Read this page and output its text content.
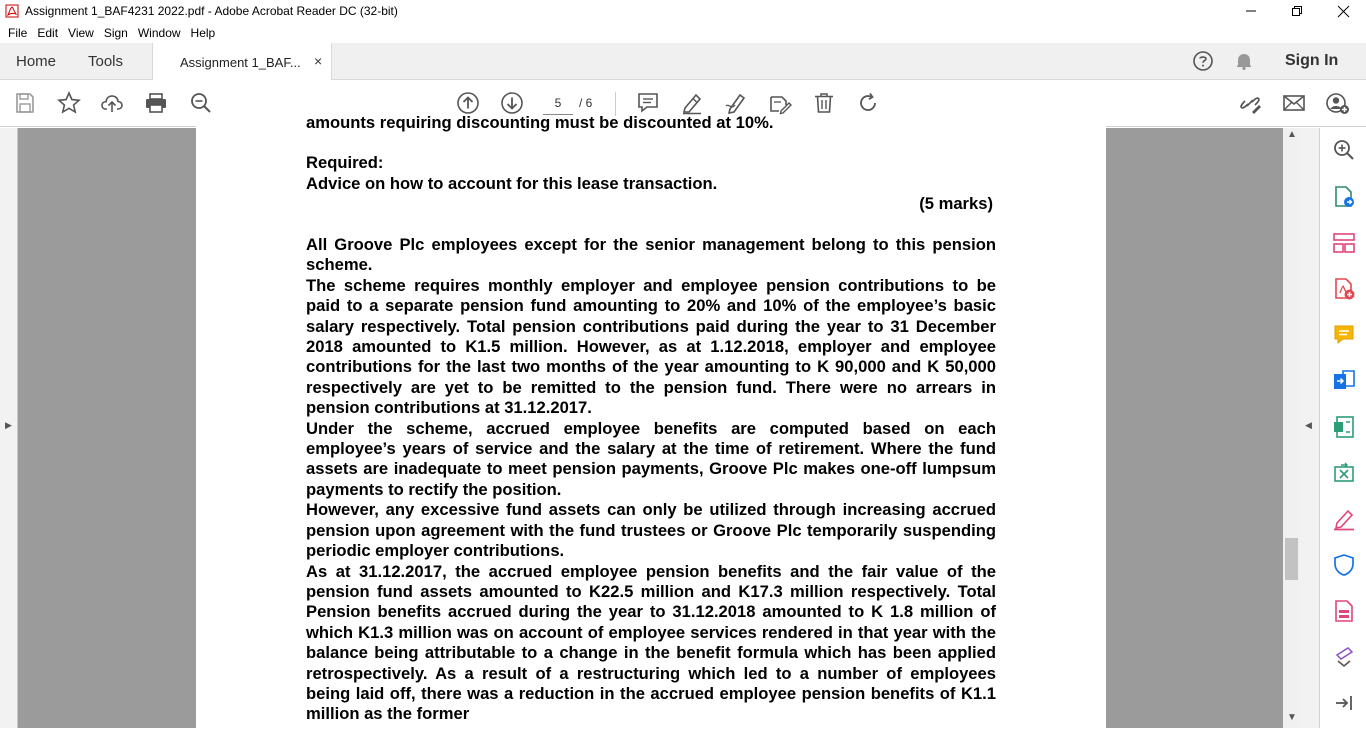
Assignment 1_BAF4231 2022.pdf - Adobe Acrobat Reader DC (32-bit)
File Edit View Sign Window Help
Home Tools	Assignment 1_BAF... ×	Sign In
5	/ 6
▶
amounts requiring discounting must be discounted at 10%.
Required:
Advice on how to account for this lease transaction.
(5 marks)
All Groove Plc employees except for the senior management belong to this pension scheme.
The scheme requires monthly employer and employee pension contributions to be paid to a separate pension fund amounting to 20% and 10% of the employee’s basic salary respectively. Total pension contributions paid during the year to 31 December 2018 amounted to K1.5 million. However, as at 1.12.2018, employer and employee contributions for the last two months of the year amounting to K 90,000 and K 50,000 respectively are yet to be remitted to the pension fund. There were no arrears in pension contributions at 31.12.2017.
Under the scheme, accrued employee benefits are computed based on each employee’s years of service and the salary at the time of retirement. Where the fund assets are inadequate to meet pension payments, Groove Plc makes one-off lumpsum payments to rectify the position.
However, any excessive fund assets can only be utilized through increasing accrued pension upon agreement with the fund trustees or Groove Plc temporarily suspending periodic employer contributions.
As at 31.12.2017, the accrued employee pension benefits and the fair value of the pension fund assets amounted to K22.5 million and K17.3 million respectively. Total Pension benefits accrued during the year to 31.12.2018 amounted to K 1.8 million of which K1.3 million was on account of employee services rendered in that year with the balance being attributable to a change in the benefit formula which has been applied retrospectively. As a result of a restructuring which led to a number of employees being laid off, there was a reduction in the accrued employee pension benefits of K1.1 million as the former
▲
▼
◀
